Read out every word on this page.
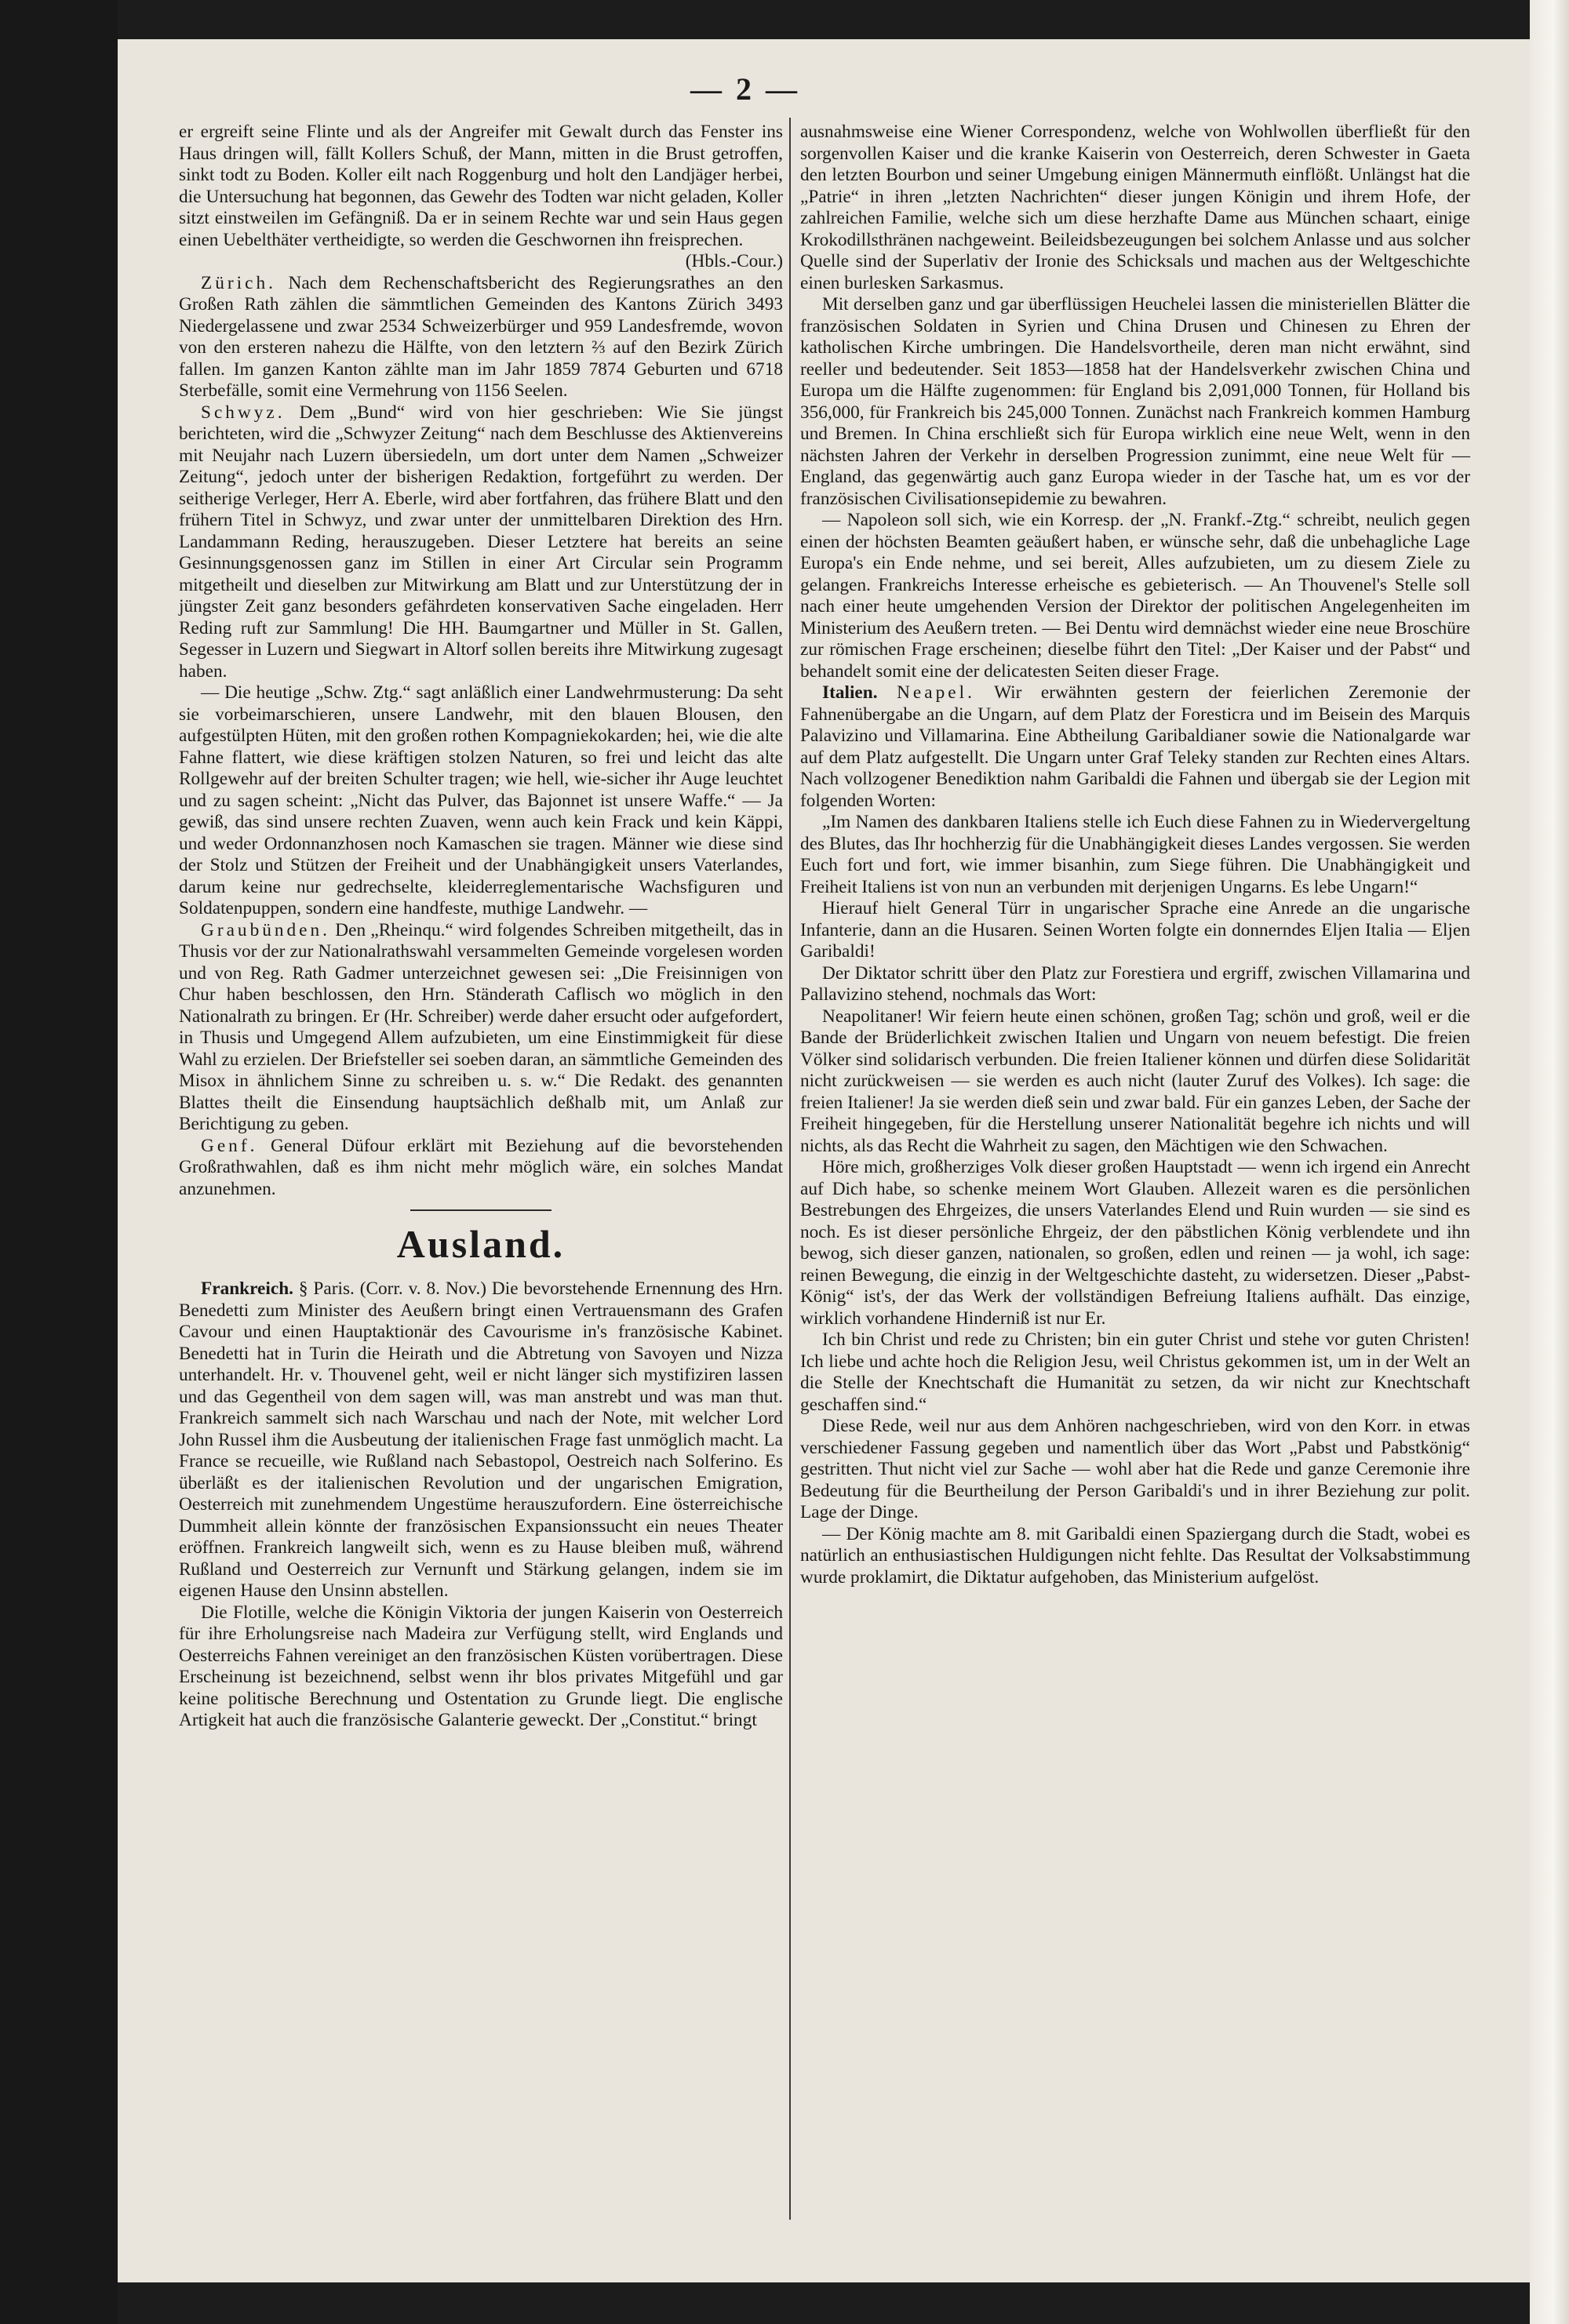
— 2 —

er ergreift seine Flinte und als der Angreifer mit Gewalt durch das Fenster ins Haus dringen will, fällt Kollers Schuß, der Mann, mitten in die Brust getroffen, sinkt todt zu Boden. Koller eilt nach Roggenburg und holt den Landjäger herbei, die Untersuchung hat begonnen, das Gewehr des Todten war nicht geladen, Koller sitzt einstweilen im Gefängniß. Da er in seinem Rechte war und sein Haus gegen einen Uebelthäter vertheidigte, so werden die Geschwornen ihn freisprechen.

(Hbls.-Cour.)

Zürich. Nach dem Rechenschaftsbericht des Regierungsrathes an den Großen Rath zählen die sämmtlichen Gemeinden des Kantons Zürich 3493 Niedergelassene und zwar 2534 Schweizerbürger und 959 Landesfremde, wovon von den ersteren nahezu die Hälfte, von den letztern ⅔ auf den Bezirk Zürich fallen. Im ganzen Kanton zählte man im Jahr 1859 7874 Geburten und 6718 Sterbefälle, somit eine Vermehrung von 1156 Seelen.

Schwyz. Dem „Bund“ wird von hier geschrieben: Wie Sie jüngst berichteten, wird die „Schwyzer Zeitung“ nach dem Beschlusse des Aktienvereins mit Neujahr nach Luzern übersiedeln, um dort unter dem Namen „Schweizer Zeitung“, jedoch unter der bisherigen Redaktion, fortgeführt zu werden. Der seitherige Verleger, Herr A. Eberle, wird aber fortfahren, das frühere Blatt und den frühern Titel in Schwyz, und zwar unter der unmittelbaren Direktion des Hrn. Landammann Reding, herauszugeben. Dieser Letztere hat bereits an seine Gesinnungsgenossen ganz im Stillen in einer Art Circular sein Programm mitgetheilt und dieselben zur Mitwirkung am Blatt und zur Unterstützung der in jüngster Zeit ganz besonders gefährdeten konservativen Sache eingeladen. Herr Reding ruft zur Sammlung! Die HH. Baumgartner und Müller in St. Gallen, Segesser in Luzern und Siegwart in Altorf sollen bereits ihre Mitwirkung zugesagt haben.

— Die heutige „Schw. Ztg.“ sagt anläßlich einer Landwehrmusterung: Da seht sie vorbeimarschieren, unsere Landwehr, mit den blauen Blousen, den aufgestülpten Hüten, mit den großen rothen Kompagniekokarden; hei, wie die alte Fahne flattert, wie diese kräftigen stolzen Naturen, so frei und leicht das alte Rollgewehr auf der breiten Schulter tragen; wie hell, wie-sicher ihr Auge leuchtet und zu sagen scheint: „Nicht das Pulver, das Bajonnet ist unsere Waffe.“ — Ja gewiß, das sind unsere rechten Zuaven, wenn auch kein Frack und kein Käppi, und weder Ordonnanzhosen noch Kamaschen sie tragen. Männer wie diese sind der Stolz und Stützen der Freiheit und der Unabhängigkeit unsers Vaterlandes, darum keine nur gedrechselte, kleiderreglementarische Wachsfiguren und Soldatenpuppen, sondern eine handfeste, muthige Landwehr. —

Graubünden. Den „Rheinqu.“ wird folgendes Schreiben mitgetheilt, das in Thusis vor der zur Nationalrathswahl versammelten Gemeinde vorgelesen worden und von Reg. Rath Gadmer unterzeichnet gewesen sei: „Die Freisinnigen von Chur haben beschlossen, den Hrn. Ständerath Caflisch wo möglich in den Nationalrath zu bringen. Er (Hr. Schreiber) werde daher ersucht oder aufgefordert, in Thusis und Umgegend Allem aufzubieten, um eine Einstimmigkeit für diese Wahl zu erzielen. Der Briefsteller sei soeben daran, an sämmtliche Gemeinden des Misox in ähnlichem Sinne zu schreiben u. s. w.“ Die Redakt. des genannten Blattes theilt die Einsendung hauptsächlich deßhalb mit, um Anlaß zur Berichtigung zu geben.

Genf. General Düfour erklärt mit Beziehung auf die bevorstehenden Großrathwahlen, daß es ihm nicht mehr möglich wäre, ein solches Mandat anzunehmen.

Ausland.

Frankreich. § Paris. (Corr. v. 8. Nov.) Die bevorstehende Ernennung des Hrn. Benedetti zum Minister des Aeußern bringt einen Vertrauensmann des Grafen Cavour und einen Hauptaktionär des Cavourisme in's französische Kabinet. Benedetti hat in Turin die Heirath und die Abtretung von Savoyen und Nizza unterhandelt. Hr. v. Thouvenel geht, weil er nicht länger sich mystifiziren lassen und das Gegentheil von dem sagen will, was man anstrebt und was man thut. Frankreich sammelt sich nach Warschau und nach der Note, mit welcher Lord John Russel ihm die Ausbeutung der italienischen Frage fast unmöglich macht. La France se recueille, wie Rußland nach Sebastopol, Oestreich nach Solferino. Es überläßt es der italienischen Revolution und der ungarischen Emigration, Oesterreich mit zunehmendem Ungestüme herauszufordern. Eine österreichische Dummheit allein könnte der französischen Expansionssucht ein neues Theater eröffnen. Frankreich langweilt sich, wenn es zu Hause bleiben muß, während Rußland und Oesterreich zur Vernunft und Stärkung gelangen, indem sie im eigenen Hause den Unsinn abstellen.

Die Flotille, welche die Königin Viktoria der jungen Kaiserin von Oesterreich für ihre Erholungsreise nach Madeira zur Verfügung stellt, wird Englands und Oesterreichs Fahnen vereiniget an den französischen Küsten vorübertragen. Diese Erscheinung ist bezeichnend, selbst wenn ihr blos privates Mitgefühl und gar keine politische Berechnung und Ostentation zu Grunde liegt. Die englische Artigkeit hat auch die französische Galanterie geweckt. Der „Constitut.“ bringt

ausnahmsweise eine Wiener Correspondenz, welche von Wohlwollen überfließt für den sorgenvollen Kaiser und die kranke Kaiserin von Oesterreich, deren Schwester in Gaeta den letzten Bourbon und seiner Umgebung einigen Männermuth einflößt. Unlängst hat die „Patrie“ in ihren „letzten Nachrichten“ dieser jungen Königin und ihrem Hofe, der zahlreichen Familie, welche sich um diese herzhafte Dame aus München schaart, einige Krokodillsthränen nachgeweint. Beileidsbezeugungen bei solchem Anlasse und aus solcher Quelle sind der Superlativ der Ironie des Schicksals und machen aus der Weltgeschichte einen burlesken Sarkasmus.

Mit derselben ganz und gar überflüssigen Heuchelei lassen die ministeriellen Blätter die französischen Soldaten in Syrien und China Drusen und Chinesen zu Ehren der katholischen Kirche umbringen. Die Handelsvortheile, deren man nicht erwähnt, sind reeller und bedeutender. Seit 1853—1858 hat der Handelsverkehr zwischen China und Europa um die Hälfte zugenommen: für England bis 2,091,000 Tonnen, für Holland bis 356,000, für Frankreich bis 245,000 Tonnen. Zunächst nach Frankreich kommen Hamburg und Bremen. In China erschließt sich für Europa wirklich eine neue Welt, wenn in den nächsten Jahren der Verkehr in derselben Progression zunimmt, eine neue Welt für — England, das gegenwärtig auch ganz Europa wieder in der Tasche hat, um es vor der französischen Civilisationsepidemie zu bewahren.

— Napoleon soll sich, wie ein Korresp. der „N. Frankf.-Ztg.“ schreibt, neulich gegen einen der höchsten Beamten geäußert haben, er wünsche sehr, daß die unbehagliche Lage Europa's ein Ende nehme, und sei bereit, Alles aufzubieten, um zu diesem Ziele zu gelangen. Frankreichs Interesse erheische es gebieterisch. — An Thouvenel's Stelle soll nach einer heute umgehenden Version der Direktor der politischen Angelegenheiten im Ministerium des Aeußern treten. — Bei Dentu wird demnächst wieder eine neue Broschüre zur römischen Frage erscheinen; dieselbe führt den Titel: „Der Kaiser und der Pabst“ und behandelt somit eine der delicatesten Seiten dieser Frage.

Italien. Neapel. Wir erwähnten gestern der feierlichen Zeremonie der Fahnenübergabe an die Ungarn, auf dem Platz der Foresticra und im Beisein des Marquis Palavizino und Villamarina. Eine Abtheilung Garibaldianer sowie die Nationalgarde war auf dem Platz aufgestellt. Die Ungarn unter Graf Teleky standen zur Rechten eines Altars. Nach vollzogener Benediktion nahm Garibaldi die Fahnen und übergab sie der Legion mit folgenden Worten:

„Im Namen des dankbaren Italiens stelle ich Euch diese Fahnen zu in Wiedervergeltung des Blutes, das Ihr hochherzig für die Unabhängigkeit dieses Landes vergossen. Sie werden Euch fort und fort, wie immer bisanhin, zum Siege führen. Die Unabhängigkeit und Freiheit Italiens ist von nun an verbunden mit derjenigen Ungarns. Es lebe Ungarn!“

Hierauf hielt General Türr in ungarischer Sprache eine Anrede an die ungarische Infanterie, dann an die Husaren. Seinen Worten folgte ein donnerndes Eljen Italia — Eljen Garibaldi!

Der Diktator schritt über den Platz zur Forestiera und ergriff, zwischen Villamarina und Pallavizino stehend, nochmals das Wort:

Neapolitaner! Wir feiern heute einen schönen, großen Tag; schön und groß, weil er die Bande der Brüderlichkeit zwischen Italien und Ungarn von neuem befestigt. Die freien Völker sind solidarisch verbunden. Die freien Italiener können und dürfen diese Solidarität nicht zurückweisen — sie werden es auch nicht (lauter Zuruf des Volkes). Ich sage: die freien Italiener! Ja sie werden dieß sein und zwar bald. Für ein ganzes Leben, der Sache der Freiheit hingegeben, für die Herstellung unserer Nationalität begehre ich nichts und will nichts, als das Recht die Wahrheit zu sagen, den Mächtigen wie den Schwachen.

Höre mich, großherziges Volk dieser großen Hauptstadt — wenn ich irgend ein Anrecht auf Dich habe, so schenke meinem Wort Glauben. Allezeit waren es die persönlichen Bestrebungen des Ehrgeizes, die unsers Vaterlandes Elend und Ruin wurden — sie sind es noch. Es ist dieser persönliche Ehrgeiz, der den päbstlichen König verblendete und ihn bewog, sich dieser ganzen, nationalen, so großen, edlen und reinen — ja wohl, ich sage: reinen Bewegung, die einzig in der Weltgeschichte dasteht, zu widersetzen. Dieser „Pabst-König“ ist's, der das Werk der vollständigen Befreiung Italiens aufhält. Das einzige, wirklich vorhandene Hinderniß ist nur Er.

Ich bin Christ und rede zu Christen; bin ein guter Christ und stehe vor guten Christen! Ich liebe und achte hoch die Religion Jesu, weil Christus gekommen ist, um in der Welt an die Stelle der Knechtschaft die Humanität zu setzen, da wir nicht zur Knechtschaft geschaffen sind.“

Diese Rede, weil nur aus dem Anhören nachgeschrieben, wird von den Korr. in etwas verschiedener Fassung gegeben und namentlich über das Wort „Pabst und Pabstkönig“ gestritten. Thut nicht viel zur Sache — wohl aber hat die Rede und ganze Ceremonie ihre Bedeutung für die Beurtheilung der Person Garibaldi's und in ihrer Beziehung zur polit. Lage der Dinge.

— Der König machte am 8. mit Garibaldi einen Spaziergang durch die Stadt, wobei es natürlich an enthusiastischen Huldigungen nicht fehlte. Das Resultat der Volksabstimmung wurde proklamirt, die Diktatur aufgehoben, das Ministerium aufgelöst.
